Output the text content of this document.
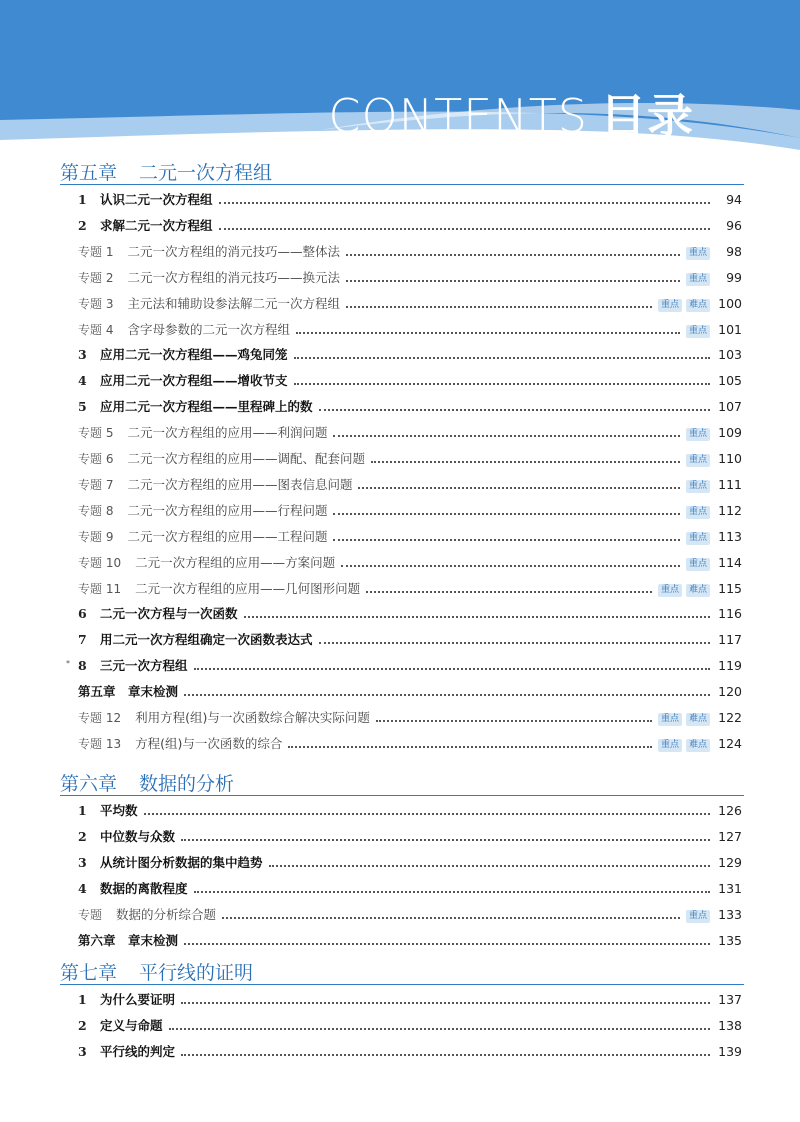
CONTENTS 目录
第五章 二元一次方程组
1	认识二元一次方程组	94
2	求解二元一次方程组	96
专题 1 二元一次方程组的消元技巧——整体法	重点	98
专题 2 二元一次方程组的消元技巧——换元法	重点	99
专题 3 主元法和辅助设参法解二元一次方程组	重点	难点 100
专题 4 含字母参数的二元一次方程组	重点 101
3	应用二元一次方程组——鸡兔同笼	103
4	应用二元一次方程组——增收节支	105
5	应用二元一次方程组——里程碑上的数	107
专题 5 二元一次方程组的应用——利润问题	重点 109
专题 6 二元一次方程组的应用——调配、配套问题	重点 110
专题 7 二元一次方程组的应用——图表信息问题	重点 111
专题 8 二元一次方程组的应用——行程问题	重点 112
专题 9 二元一次方程组的应用——工程问题	重点 113
专题 10 二元一次方程组的应用——方案问题	重点 114
专题 11 二元一次方程组的应用——几何图形问题	重点	难点 115
6	二元一次方程与一次函数	116
7	用二元一次方程组确定一次函数表达式	117
* 8	三元一次方程组	119
第五章　章末检测	120
专题 12 利用方程(组)与一次函数综合解决实际问题	重点	难点 122
专题 13 方程(组)与一次函数的综合	重点	难点 124
第六章 数据的分析
1	平均数	126
2	中位数与众数	127
3	从统计图分析数据的集中趋势	129
4	数据的离散程度	131
专题 数据的分析综合题	重点 133
第六章　章末检测	135
第七章 平行线的证明
1	为什么要证明	137
2	定义与命题	138
3	平行线的判定	139
